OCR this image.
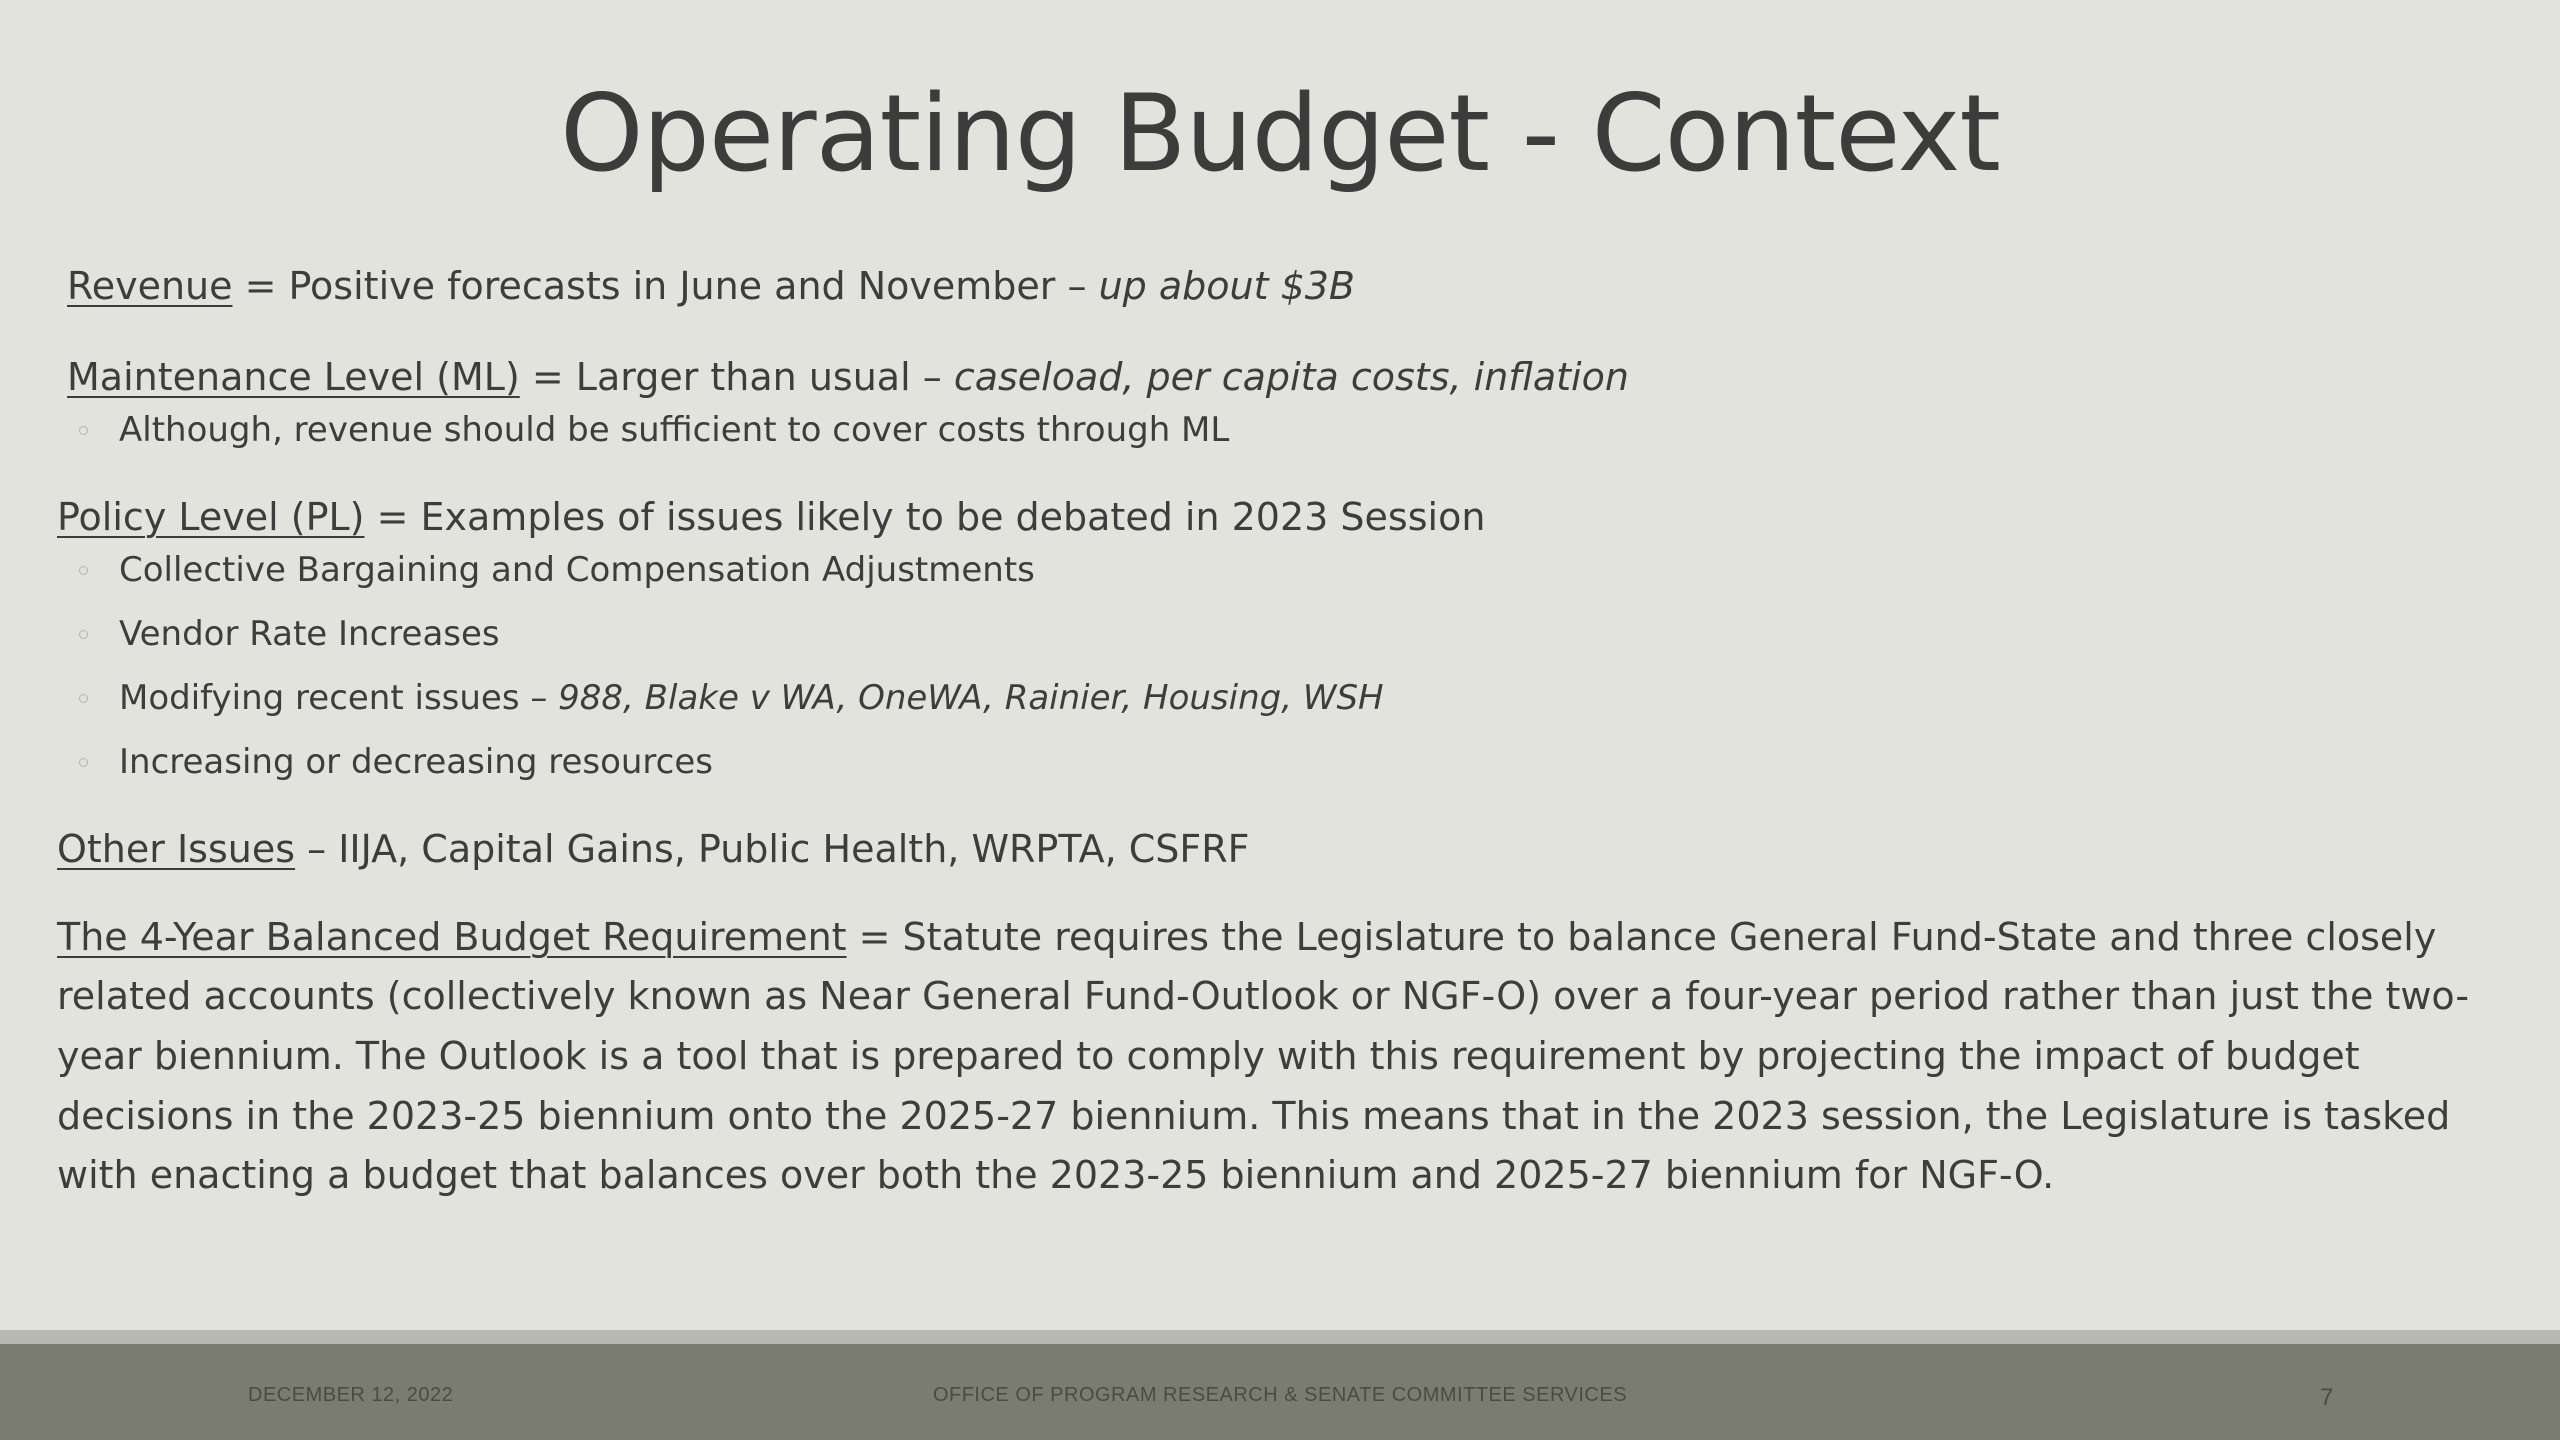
Operating Budget - Context

Revenue = Positive forecasts in June and November – up about $3B

Maintenance Level (ML) = Larger than usual – caseload, per capita costs, inflation

Although, revenue should be sufficient to cover costs through ML

Policy Level (PL) = Examples of issues likely to be debated in 2023 Session

Collective Bargaining and Compensation Adjustments
Vendor Rate Increases
Modifying recent issues – 988, Blake v WA, OneWA, Rainier, Housing, WSH
Increasing or decreasing resources

Other Issues – IIJA, Capital Gains, Public Health, WRPTA, CSFRF

The 4-Year Balanced Budget Requirement = Statute requires the Legislature to balance General Fund-State and three closely related accounts (collectively known as Near General Fund-Outlook or NGF-O) over a four-year period rather than just the two-year biennium. The Outlook is a tool that is prepared to comply with this requirement by projecting the impact of budget decisions in the 2023-25 biennium onto the 2025-27 biennium. This means that in the 2023 session, the Legislature is tasked with enacting a budget that balances over both the 2023-25 biennium and 2025-27 biennium for NGF-O.

DECEMBER 12, 2022	OFFICE OF PROGRAM RESEARCH & SENATE COMMITTEE SERVICES	7
